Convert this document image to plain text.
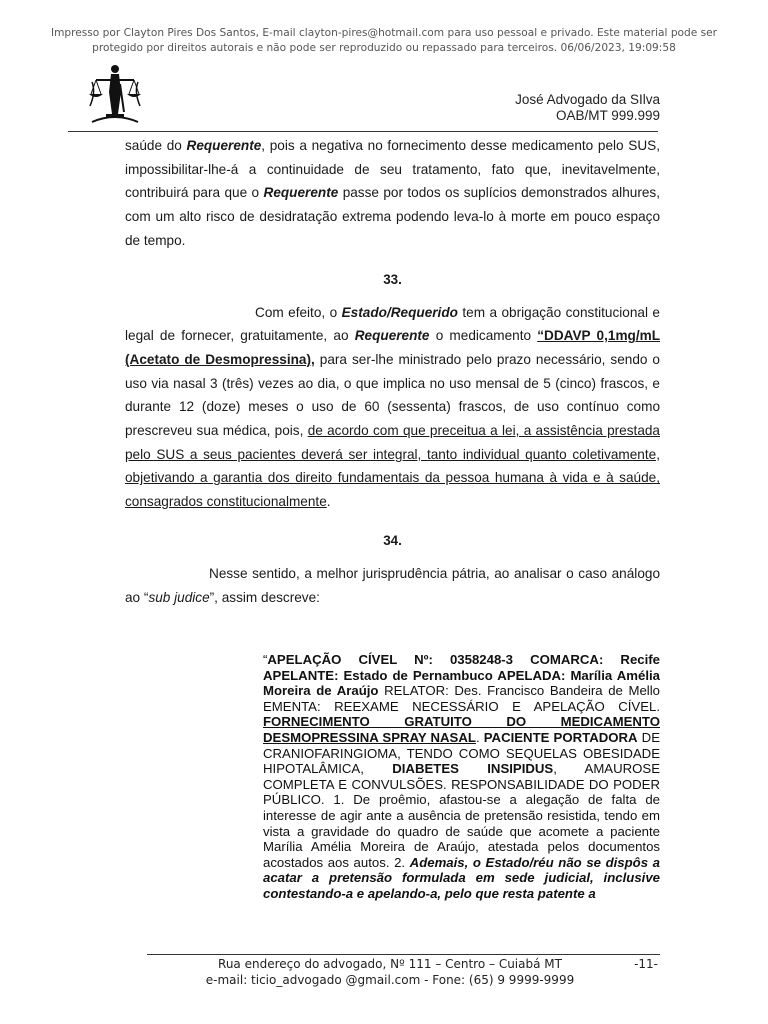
Impresso por Clayton Pires Dos Santos, E-mail clayton-pires@hotmail.com para uso pessoal e privado. Este material pode ser
protegido por direitos autorais e não pode ser reproduzido ou repassado para terceiros. 06/06/2023, 19:09:58
José Advogado da SIlva
OAB/MT 999.999

saúde do Requerente, pois a negativa no fornecimento desse medicamento pelo SUS, impossibilitar-lhe-á a continuidade de seu tratamento, fato que, inevitavelmente, contribuirá para que o Requerente passe por todos os suplícios demonstrados alhures, com um alto risco de desidratação extrema podendo leva-lo à morte em pouco espaço de tempo.

33.

Com efeito, o Estado/Requerido tem a obrigação constitucional e legal de fornecer, gratuitamente, ao Requerente o medicamento “DDAVP 0,1mg/mL (Acetato de Desmopressina), para ser-lhe ministrado pelo prazo necessário, sendo o uso via nasal 3 (três) vezes ao dia, o que implica no uso mensal de 5 (cinco) frascos, e durante 12 (doze) meses o uso de 60 (sessenta) frascos, de uso contínuo como prescreveu sua médica, pois, de acordo com que preceitua a lei, a assistência prestada pelo SUS a seus pacientes deverá ser integral, tanto individual quanto coletivamente, objetivando a garantia dos direito fundamentais da pessoa humana à vida e à saúde, consagrados constitucionalmente.

34.

Nesse sentido, a melhor jurisprudência pátria, ao analisar o caso análogo ao “sub judice”, assim descreve:

“APELAÇÃO CÍVEL Nº: 0358248-3 COMARCA: Recife APELANTE: Estado de Pernambuco APELADA: Marília Amélia Moreira de Araújo RELATOR: Des. Francisco Bandeira de Mello EMENTA: REEXAME NECESSÁRIO E APELAÇÃO CÍVEL. FORNECIMENTO GRATUITO DO MEDICAMENTO DESMOPRESSINA SPRAY NASAL. PACIENTE PORTADORA DE CRANIOFARINGIOMA, TENDO COMO SEQUELAS OBESIDADE HIPOTALÂMICA, DIABETES INSIPIDUS, AMAUROSE COMPLETA E CONVULSÕES. RESPONSABILIDADE DO PODER PÚBLICO. 1. De proêmio, afastou-se a alegação de falta de interesse de agir ante a ausência de pretensão resistida, tendo em vista a gravidade do quadro de saúde que acomete a paciente Marília Amélia Moreira de Araújo, atestada pelos documentos acostados aos autos. 2. Ademais, o Estado/réu não se dispôs a acatar a pretensão formulada em sede judicial, inclusive contestando-a e apelando-a, pelo que resta patente a
Rua endereço do advogado, Nº 111 – Centro – Cuiabá MT	-11-
e-mail: ticio_advogado @gmail.com - Fone: (65) 9 9999-9999
